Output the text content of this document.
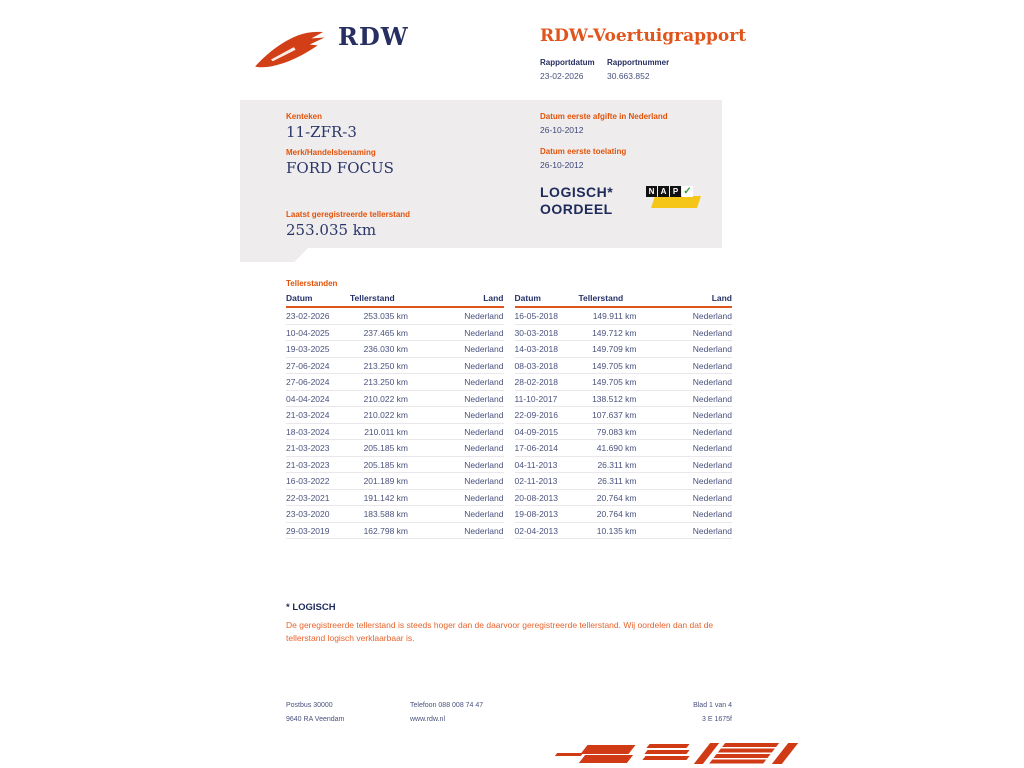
RDW	RDW-Voertuigrapport
Rapportdatum
23-02-2026
Rapportnummer
30.663.852
Kenteken
11-ZFR-3
Merk/Handelsbenaming
FORD FOCUS
Laatst geregistreerde tellerstand
253.035 km
Datum eerste afgifte in Nederland
26-10-2012
Datum eerste toelating
26-10-2012
LOGISCH*
OORDEEL
N A P ✓
Tellerstanden
Datum	Tellerstand	Land
23-02-2026	253.035 km	Nederland
10-04-2025	237.465 km	Nederland
19-03-2025	236.030 km	Nederland
27-06-2024	213.250 km	Nederland
27-06-2024	213.250 km	Nederland
04-04-2024	210.022 km	Nederland
21-03-2024	210.022 km	Nederland
18-03-2024	210.011 km	Nederland
21-03-2023	205.185 km	Nederland
21-03-2023	205.185 km	Nederland
16-03-2022	201.189 km	Nederland
22-03-2021	191.142 km	Nederland
23-03-2020	183.588 km	Nederland
29-03-2019	162.798 km	Nederland
Datum	Tellerstand	Land
16-05-2018	149.911 km	Nederland
30-03-2018	149.712 km	Nederland
14-03-2018	149.709 km	Nederland
08-03-2018	149.705 km	Nederland
28-02-2018	149.705 km	Nederland
11-10-2017	138.512 km	Nederland
22-09-2016	107.637 km	Nederland
04-09-2015	79.083 km	Nederland
17-06-2014	41.690 km	Nederland
04-11-2013	26.311 km	Nederland
02-11-2013	26.311 km	Nederland
20-08-2013	20.764 km	Nederland
19-08-2013	20.764 km	Nederland
02-04-2013	10.135 km	Nederland
* LOGISCH
De geregistreerde tellerstand is steeds hoger dan de daarvoor geregistreerde tellerstand. Wij oordelen dan dat de tellerstand logisch verklaarbaar is.
Postbus 30000
9640 RA Veendam
Telefoon 088 008 74 47
www.rdw.nl
Blad 1 van 4
3 E 1675f
